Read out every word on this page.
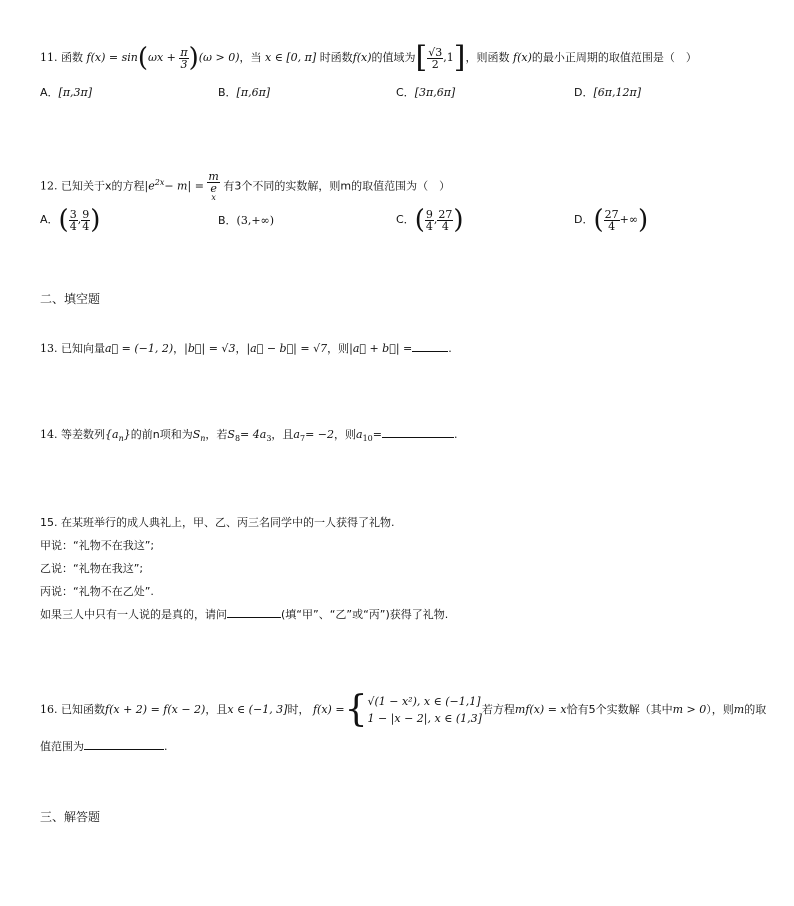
11. 函数 $f(x) = \sin(\omega x + \frac{\pi}{3} )(\omega > 0)$，当 x ∈ [0, π] 时函数f(x)的值域为[ $\frac{√3}{2} ,1$]，则函数 f(x)的最小正周期的取值范围是（　）
A．[π,3π]	B．[π,6π]	C．[3π,6π]	D．[6π,12π]
12. 已知关于x的方程$|e^{2x}- m| = m$
e
x 有3个不同的实数解，则m的取值范围为（　）
A．( $\frac{3}{4}$ , $\frac{9}{4}$ )	B．(3,+∞)	C．( $\frac{9}{4}$ , $\frac{27}{4}$ )	D．( $\frac{27}{4}$ +∞)
二、填空题
13. 已知向量a⃗ = (−1, 2)，|b⃗| = √3，|a⃗ − b⃗| = √7，则|a⃗ + b⃗| =	.
14. 等差数列$\{a_n\}$的前n项和为$S_n$，若$S_8= 4a_3$，且$a_7= -2$，则$a_{10}=$	.
15. 在某班举行的成人典礼上，甲、乙、丙三名同学中的一人获得了礼物.
甲说：“礼物不在我这”;
乙说：“礼物在我这”;
丙说：“礼物不在乙处”.
如果三人中只有一人说的是真的，请问	(填“甲”、“乙”或“丙”)获得了礼物.
16. 已知函数f(x + 2) = f(x − 2)，且x ∈ (−1, 3]时， f(x) ={ √(1 − x²), x ∈ (−1,1]
1 − |x − 2|, x ∈ (1,3]
若方程mf(x) = x恰有5个实数解（其中m > 0），则m的取
值范围为	.
三、解答题
